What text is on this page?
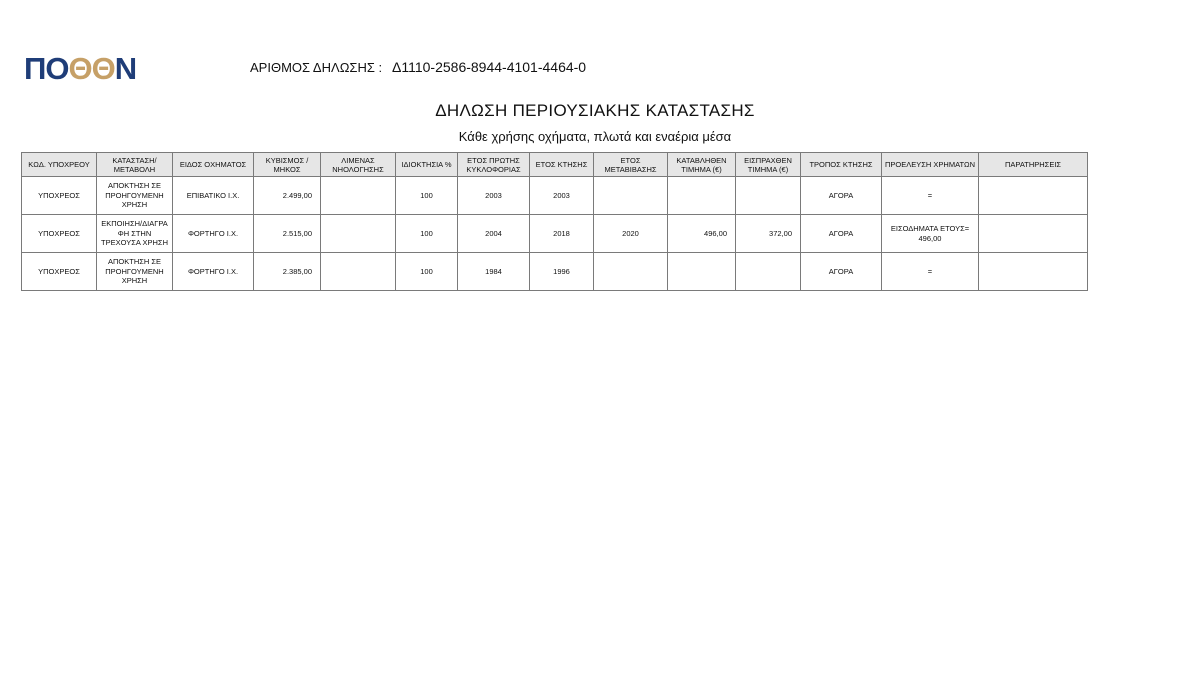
ΠΟΘΘΝ	ΑΡΙΘΜΟΣ ΔΗΛΩΣΗΣ : Δ1110-2586-8944-4101-4464-0
ΔΗΛΩΣΗ ΠΕΡΙΟΥΣΙΑΚΗΣ ΚΑΤΑΣΤΑΣΗΣ
Κάθε χρήσης οχήματα, πλωτά και εναέρια μέσα
ΚΩΔ. ΥΠΟΧΡΕΟΥ	ΚΑΤΑΣΤΑΣΗ/ ΜΕΤΑΒΟΛΗ	ΕΙΔΟΣ ΟΧΗΜΑΤΟΣ	ΚΥΒΙΣΜΟΣ / ΜΗΚΟΣ	ΛΙΜΕΝΑΣ ΝΗΟΛΟΓΗΣΗΣ	ΙΔΙΟΚΤΗΣΙΑ %	ΕΤΟΣ ΠΡΩΤΗΣ ΚΥΚΛΟΦΟΡΙΑΣ	ΕΤΟΣ ΚΤΗΣΗΣ	ΕΤΟΣ ΜΕΤΑΒΙΒΑΣΗΣ	ΚΑΤΑΒΛΗΘΕΝ ΤΙΜΗΜΑ (€)	ΕΙΣΠΡΑΧΘΕΝ ΤΙΜΗΜΑ (€)	ΤΡΟΠΟΣ ΚΤΗΣΗΣ	ΠΡΟΕΛΕΥΣΗ ΧΡΗΜΑΤΩΝ	ΠΑΡΑΤΗΡΗΣΕΙΣ
ΥΠΟΧΡΕΟΣ	ΑΠΟΚΤΗΣΗ ΣΕ ΠΡΟΗΓΟΥΜΕΝΗ ΧΡΗΣΗ	ΕΠΙΒΑΤΙΚΟ Ι.Χ.	2.499,00		100	2003	2003				ΑΓΟΡΑ	=	
ΥΠΟΧΡΕΟΣ	ΕΚΠΟΙΗΣΗ/ΔΙΑΓΡΑ ΦΗ ΣΤΗΝ ΤΡΕΧΟΥΣΑ ΧΡΗΣΗ	ΦΟΡΤΗΓΟ Ι.Χ.	2.515,00		100	2004	2018	2020	496,00	372,00	ΑΓΟΡΑ	ΕΙΣΟΔΗΜΑΤΑ ΕΤΟΥΣ= 496,00	
ΥΠΟΧΡΕΟΣ	ΑΠΟΚΤΗΣΗ ΣΕ ΠΡΟΗΓΟΥΜΕΝΗ ΧΡΗΣΗ	ΦΟΡΤΗΓΟ Ι.Χ.	2.385,00		100	1984	1996				ΑΓΟΡΑ	=	
